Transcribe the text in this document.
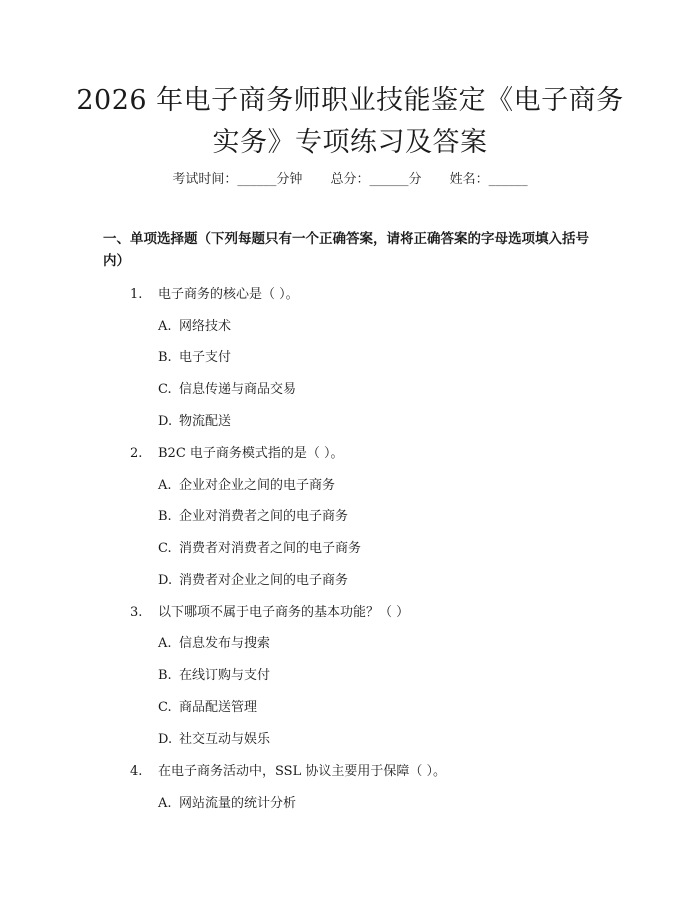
2026 年电子商务师职业技能鉴定《电子商务
实务》专项练习及答案
考试时间：______分钟 总分：______分 姓名：______
一、单项选择题（下列每题只有一个正确答案，请将正确答案的字母选项填入括号内）
1. 电子商务的核心是（ ）。
A. 网络技术
B. 电子支付
C. 信息传递与商品交易
D. 物流配送
2. B2C 电子商务模式指的是（ ）。
A. 企业对企业之间的电子商务
B. 企业对消费者之间的电子商务
C. 消费者对消费者之间的电子商务
D. 消费者对企业之间的电子商务
3. 以下哪项不属于电子商务的基本功能？（ ）
A. 信息发布与搜索
B. 在线订购与支付
C. 商品配送管理
D. 社交互动与娱乐
4. 在电子商务活动中，SSL 协议主要用于保障（ ）。
A. 网站流量的统计分析
